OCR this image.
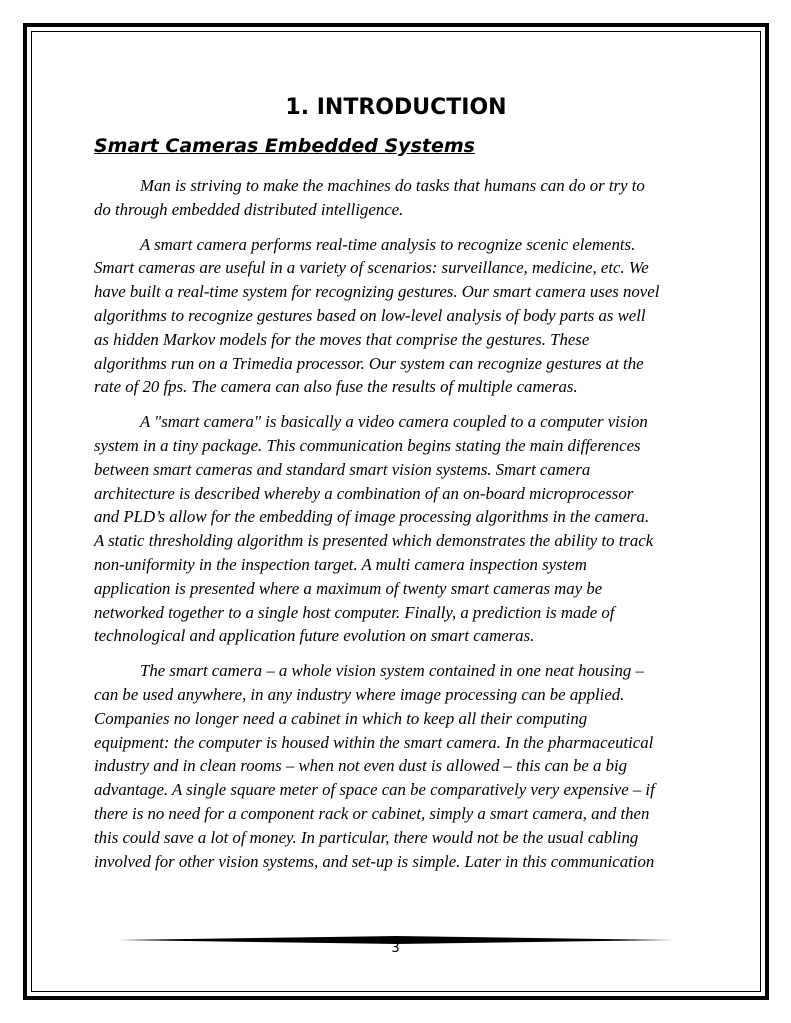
1. INTRODUCTION
Smart Cameras Embedded Systems

Man is striving to make the machines do tasks that humans can do or try to
do through embedded distributed intelligence.

A smart camera performs real-time analysis to recognize scenic elements.
Smart cameras are useful in a variety of scenarios: surveillance, medicine, etc. We
have built a real-time system for recognizing gestures. Our smart camera uses novel
algorithms to recognize gestures based on low-level analysis of body parts as well
as hidden Markov models for the moves that comprise the gestures. These
algorithms run on a Trimedia processor. Our system can recognize gestures at the
rate of 20 fps. The camera can also fuse the results of multiple cameras.

A "smart camera" is basically a video camera coupled to a computer vision
system in a tiny package. This communication begins stating the main differences
between smart cameras and standard smart vision systems. Smart camera
architecture is described whereby a combination of an on-board microprocessor
and PLD’s allow for the embedding of image processing algorithms in the camera.
A static thresholding algorithm is presented which demonstrates the ability to track
non-uniformity in the inspection target. A multi camera inspection system
application is presented where a maximum of twenty smart cameras may be
networked together to a single host computer. Finally, a prediction is made of
technological and application future evolution on smart cameras.

The smart camera – a whole vision system contained in one neat housing –
can be used anywhere, in any industry where image processing can be applied.
Companies no longer need a cabinet in which to keep all their computing
equipment: the computer is housed within the smart camera. In the pharmaceutical
industry and in clean rooms – when not even dust is allowed – this can be a big
advantage. A single square meter of space can be comparatively very expensive – if
there is no need for a component rack or cabinet, simply a smart camera, and then
this could save a lot of money. In particular, there would not be the usual cabling
involved for other vision systems, and set-up is simple. Later in this communication

3
